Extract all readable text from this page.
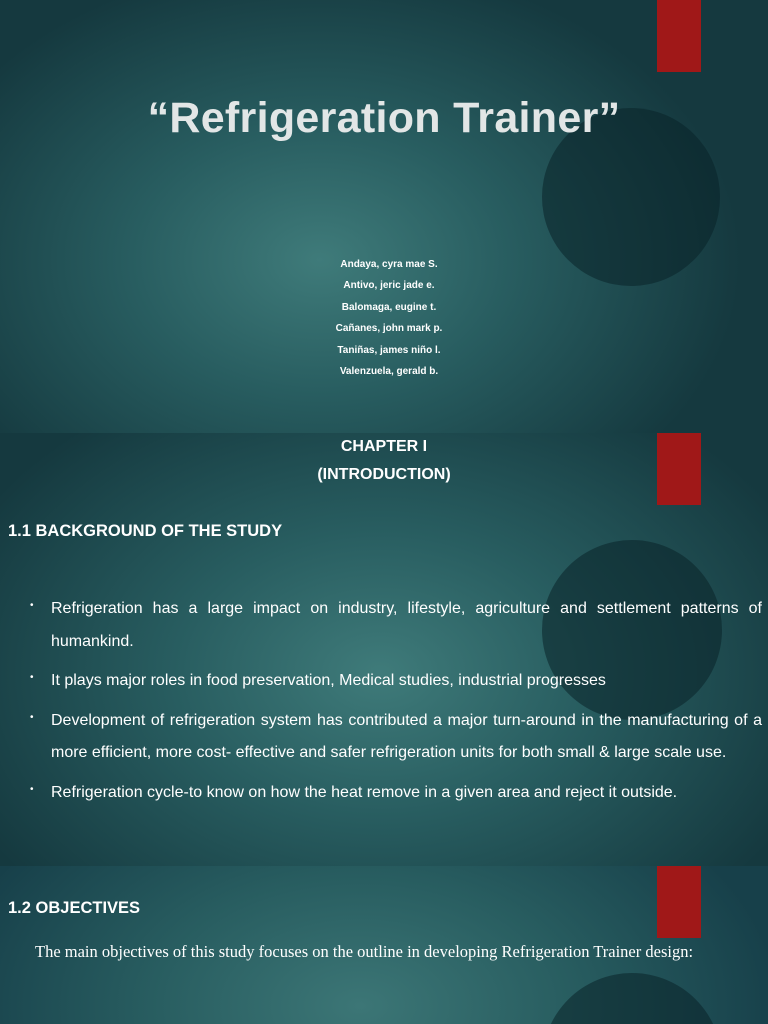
“Refrigeration Trainer”
Andaya, cyra mae S.
Antivo, jeric jade e.
Balomaga, eugine t.
Cañanes, john mark p.
Taniñas, james niño l.
Valenzuela, gerald b.
CHAPTER I
(INTRODUCTION)
1.1 BACKGROUND OF THE STUDY
• Refrigeration has a large impact on industry, lifestyle, agriculture and settlement patterns of humankind.
• It plays major roles in food preservation, Medical studies, industrial progresses
• Development of refrigeration system has contributed a major turn-around in the manufacturing of a more efficient, more cost- effective and safer refrigeration units for both small & large scale use.
• Refrigeration cycle-to know on how the heat remove in a given area and reject it outside.
1.2 OBJECTIVES
The main objectives of this study focuses on the outline in developing Refrigeration Trainer design:
